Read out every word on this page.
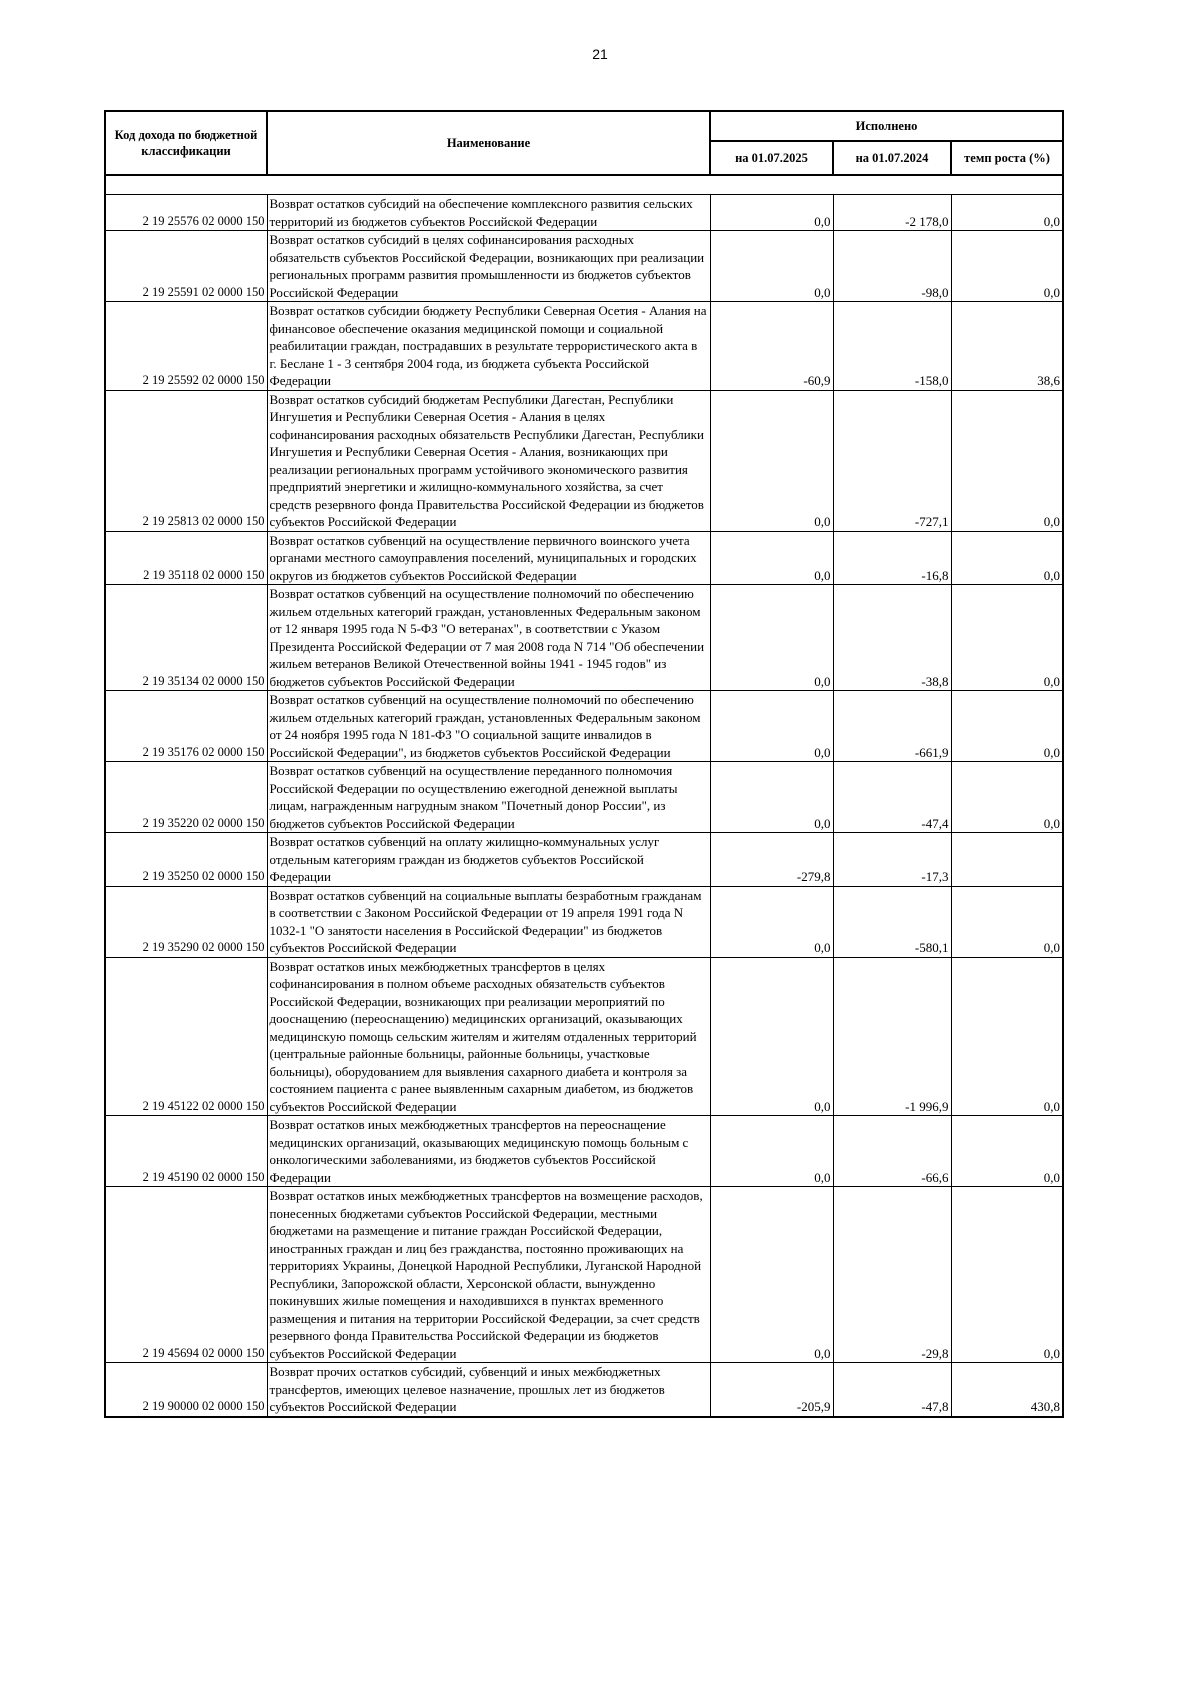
21
Код дохода по бюджетной классификации	Наименование	Исполнено		
		на 01.07.2025	на 01.07.2024	темп роста (%)

2 19 25576 02 0000 150	Возврат остатков субсидий на обеспечение комплексного развития сельских территорий из бюджетов субъектов Российской Федерации	0,0	-2 178,0	0,0
2 19 25591 02 0000 150	Возврат остатков субсидий в целях софинансирования расходных обязательств субъектов Российской Федерации, возникающих при реализации региональных программ развития промышленности из бюджетов субъектов Российской Федерации	0,0	-98,0	0,0
2 19 25592 02 0000 150	Возврат остатков субсидии бюджету Республики Северная Осетия - Алания на финансовое обеспечение оказания медицинской помощи и социальной реабилитации граждан, пострадавших в результате террористического акта в г. Беслане 1 - 3 сентября 2004 года, из бюджета субъекта Российской Федерации	-60,9	-158,0	38,6
2 19 25813 02 0000 150	Возврат остатков субсидий бюджетам Республики Дагестан, Республики Ингушетия и Республики Северная Осетия - Алания в целях софинансирования расходных обязательств Республики Дагестан, Республики Ингушетия и Республики Северная Осетия - Алания, возникающих при реализации региональных программ устойчивого экономического развития предприятий энергетики и жилищно-коммунального хозяйства, за счет средств резервного фонда Правительства Российской Федерации из бюджетов субъектов Российской Федерации	0,0	-727,1	0,0
2 19 35118 02 0000 150	Возврат остатков субвенций на осуществление первичного воинского учета органами местного самоуправления поселений, муниципальных и городских округов из бюджетов субъектов Российской Федерации	0,0	-16,8	0,0
2 19 35134 02 0000 150	Возврат остатков субвенций на осуществление полномочий по обеспечению жильем отдельных категорий граждан, установленных Федеральным законом от 12 января 1995 года N 5-ФЗ "О ветеранах", в соответствии с Указом Президента Российской Федерации от 7 мая 2008 года N 714 "Об обеспечении жильем ветеранов Великой Отечественной войны 1941 - 1945 годов" из бюджетов субъектов Российской Федерации	0,0	-38,8	0,0
2 19 35176 02 0000 150	Возврат остатков субвенций на осуществление полномочий по обеспечению жильем отдельных категорий граждан, установленных Федеральным законом от 24 ноября 1995 года N 181-ФЗ "О социальной защите инвалидов в Российской Федерации", из бюджетов субъектов Российской Федерации	0,0	-661,9	0,0
2 19 35220 02 0000 150	Возврат остатков субвенций на осуществление переданного полномочия Российской Федерации по осуществлению ежегодной денежной выплаты лицам, награжденным нагрудным знаком "Почетный донор России", из бюджетов субъектов Российской Федерации	0,0	-47,4	0,0
2 19 35250 02 0000 150	Возврат остатков субвенций на оплату жилищно-коммунальных услуг отдельным категориям граждан из бюджетов субъектов Российской Федерации	-279,8	-17,3	
2 19 35290 02 0000 150	Возврат остатков субвенций на социальные выплаты безработным гражданам в соответствии с Законом Российской Федерации от 19 апреля 1991 года N 1032-1 "О занятости населения в Российской Федерации" из бюджетов субъектов Российской Федерации	0,0	-580,1	0,0
2 19 45122 02 0000 150	Возврат остатков иных межбюджетных трансфертов в целях софинансирования в полном объеме расходных обязательств субъектов Российской Федерации, возникающих при реализации мероприятий по дооснащению (переоснащению) медицинских организаций, оказывающих медицинскую помощь сельским жителям и жителям отдаленных территорий (центральные районные больницы, районные больницы, участковые больницы), оборудованием для выявления сахарного диабета и контроля за состоянием пациента с ранее выявленным сахарным диабетом, из бюджетов субъектов Российской Федерации	0,0	-1 996,9	0,0
2 19 45190 02 0000 150	Возврат остатков иных межбюджетных трансфертов на переоснащение медицинских организаций, оказывающих медицинскую помощь больным с онкологическими заболеваниями, из бюджетов субъектов Российской Федерации	0,0	-66,6	0,0
2 19 45694 02 0000 150	Возврат остатков иных межбюджетных трансфертов на возмещение расходов, понесенных бюджетами субъектов Российской Федерации, местными бюджетами на размещение и питание граждан Российской Федерации, иностранных граждан и лиц без гражданства, постоянно проживающих на территориях Украины, Донецкой Народной Республики, Луганской Народной Республики, Запорожской области, Херсонской области, вынужденно покинувших жилые помещения и находившихся в пунктах временного размещения и питания на территории Российской Федерации, за счет средств резервного фонда Правительства Российской Федерации из бюджетов субъектов Российской Федерации	0,0	-29,8	0,0
2 19 90000 02 0000 150	Возврат прочих остатков субсидий, субвенций и иных межбюджетных трансфертов, имеющих целевое назначение, прошлых лет из бюджетов субъектов Российской Федерации	-205,9	-47,8	430,8
